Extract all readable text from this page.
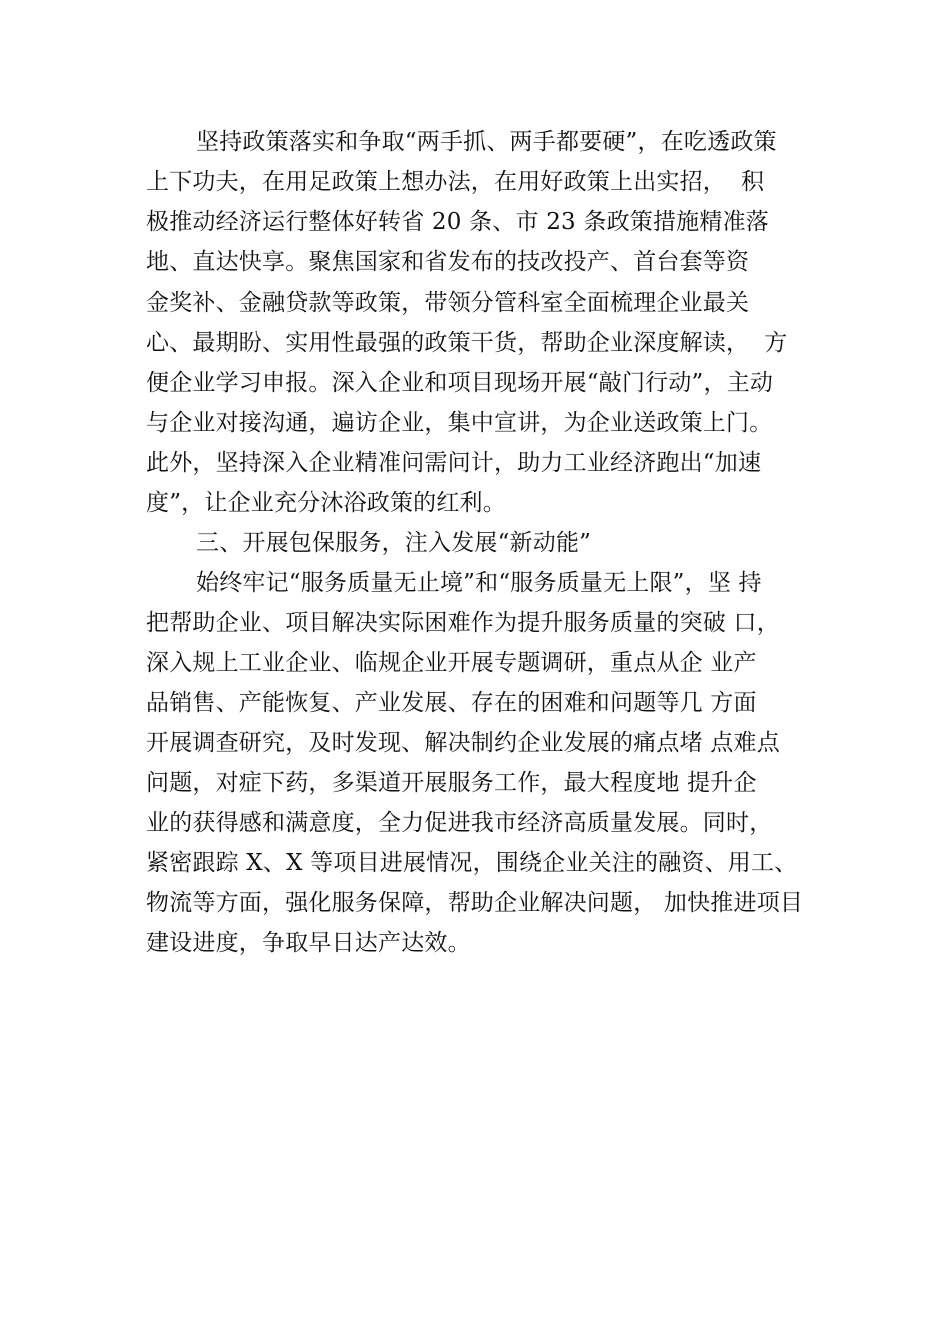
坚持政策落实和争取“两手抓、两手都要硬”，在吃透政策
上下功夫，在用足政策上想办法，在用好政策上出实招，  积
极推动经济运行整体好转省 20 条、市 23 条政策措施精准落
地、直达快享。聚焦国家和省发布的技改投产、首台套等资
金奖补、金融贷款等政策，带领分管科室全面梳理企业最关
心、最期盼、实用性最强的政策干货，帮助企业深度解读，  方
便企业学习申报。深入企业和项目现场开展“敲门行动”，主动
与企业对接沟通，遍访企业，集中宣讲，为企业送政策上门。
此外，坚持深入企业精准问需问计，助力工业经济跑出“加速
度”，让企业充分沐浴政策的红利。
三、开展包保服务，注入发展“新动能”
始终牢记“服务质量无止境”和“服务质量无上限”，坚 持
把帮助企业、项目解决实际困难作为提升服务质量的突破 口，
深入规上工业企业、临规企业开展专题调研，重点从企 业产
品销售、产能恢复、产业发展、存在的困难和问题等几 方面
开展调查研究，及时发现、解决制约企业发展的痛点堵 点难点
问题，对症下药，多渠道开展服务工作，最大程度地 提升企
业的获得感和满意度，全力促进我市经济高质量发展。同时，
紧密跟踪 X、X 等项目进展情况，围绕企业关注的融资、用工、
物流等方面，强化服务保障，帮助企业解决问题， 加快推进项目
建设进度，争取早日达产达效。
